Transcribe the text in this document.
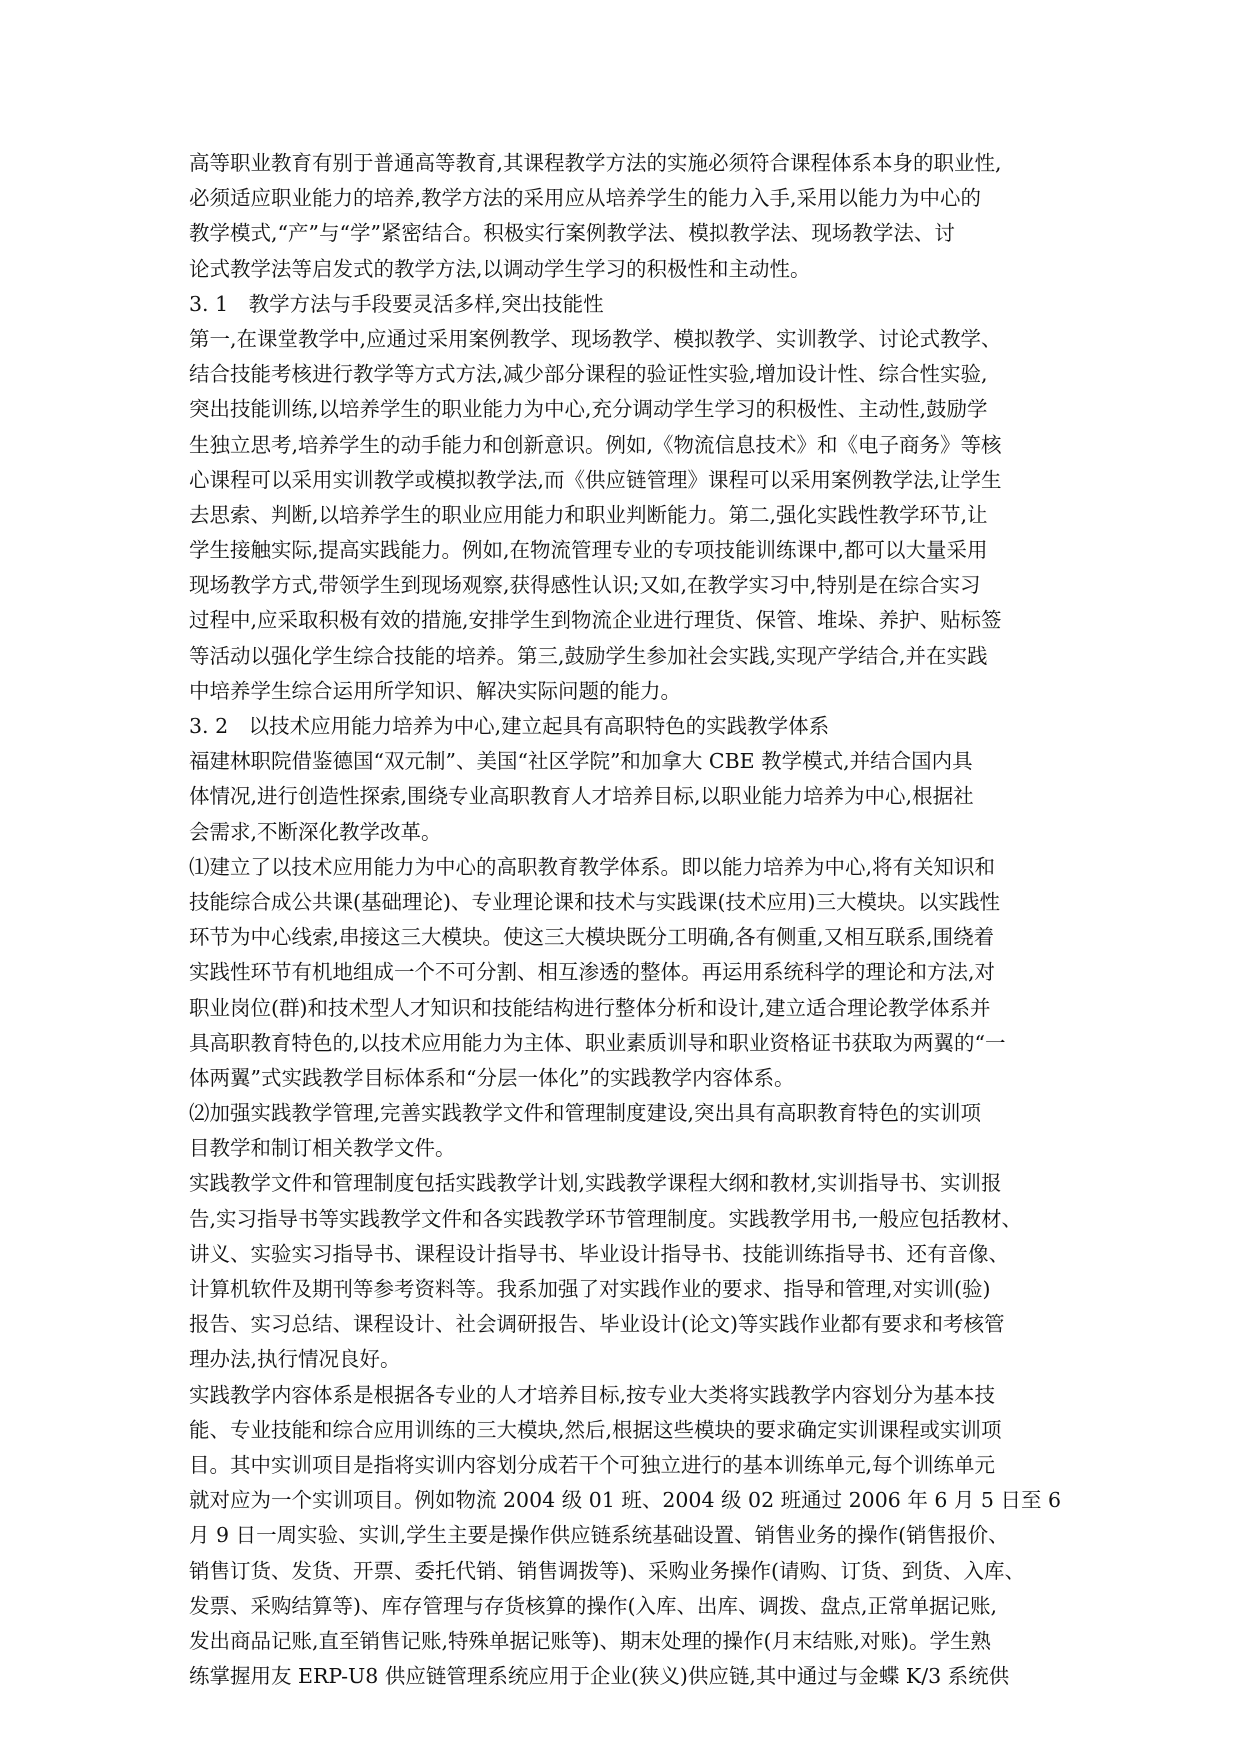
高等职业教育有别于普通高等教育,其课程教学方法的实施必须符合课程体系本身的职业性,
必须适应职业能力的培养,教学方法的采用应从培养学生的能力入手,采用以能力为中心的
教学模式,“产”与“学”紧密结合。积极实行案例教学法、模拟教学法、现场教学法、讨
论式教学法等启发式的教学方法,以调动学生学习的积极性和主动性。
3. 1　教学方法与手段要灵活多样,突出技能性
第一,在课堂教学中,应通过采用案例教学、现场教学、模拟教学、实训教学、讨论式教学、
结合技能考核进行教学等方式方法,减少部分课程的验证性实验,增加设计性、综合性实验,
突出技能训练,以培养学生的职业能力为中心,充分调动学生学习的积极性、主动性,鼓励学
生独立思考,培养学生的动手能力和创新意识。例如,《物流信息技术》和《电子商务》等核
心课程可以采用实训教学或模拟教学法,而《供应链管理》课程可以采用案例教学法,让学生
去思索、判断,以培养学生的职业应用能力和职业判断能力。第二,强化实践性教学环节,让
学生接触实际,提高实践能力。例如,在物流管理专业的专项技能训练课中,都可以大量采用
现场教学方式,带领学生到现场观察,获得感性认识;又如,在教学实习中,特别是在综合实习
过程中,应采取积极有效的措施,安排学生到物流企业进行理货、保管、堆垛、养护、贴标签
等活动以强化学生综合技能的培养。第三,鼓励学生参加社会实践,实现产学结合,并在实践
中培养学生综合运用所学知识、解决实际问题的能力。
3. 2　以技术应用能力培养为中心,建立起具有高职特色的实践教学体系
福建林职院借鉴德国“双元制”、美国“社区学院”和加拿大 CBE 教学模式,并结合国内具
体情况,进行创造性探索,围绕专业高职教育人才培养目标,以职业能力培养为中心,根据社
会需求,不断深化教学改革。
⑴建立了以技术应用能力为中心的高职教育教学体系。即以能力培养为中心,将有关知识和
技能综合成公共课(基础理论)、专业理论课和技术与实践课(技术应用)三大模块。以实践性
环节为中心线索,串接这三大模块。使这三大模块既分工明确,各有侧重,又相互联系,围绕着
实践性环节有机地组成一个不可分割、相互渗透的整体。再运用系统科学的理论和方法,对
职业岗位(群)和技术型人才知识和技能结构进行整体分析和设计,建立适合理论教学体系并
具高职教育特色的,以技术应用能力为主体、职业素质训导和职业资格证书获取为两翼的“一
体两翼”式实践教学目标体系和“分层一体化”的实践教学内容体系。
⑵加强实践教学管理,完善实践教学文件和管理制度建设,突出具有高职教育特色的实训项
目教学和制订相关教学文件。
实践教学文件和管理制度包括实践教学计划,实践教学课程大纲和教材,实训指导书、实训报
告,实习指导书等实践教学文件和各实践教学环节管理制度。实践教学用书,一般应包括教材、
讲义、实验实习指导书、课程设计指导书、毕业设计指导书、技能训练指导书、还有音像、
计算机软件及期刊等参考资料等。我系加强了对实践作业的要求、指导和管理,对实训(验)
报告、实习总结、课程设计、社会调研报告、毕业设计(论文)等实践作业都有要求和考核管
理办法,执行情况良好。
实践教学内容体系是根据各专业的人才培养目标,按专业大类将实践教学内容划分为基本技
能、专业技能和综合应用训练的三大模块,然后,根据这些模块的要求确定实训课程或实训项
目。其中实训项目是指将实训内容划分成若干个可独立进行的基本训练单元,每个训练单元
就对应为一个实训项目。例如物流 2004 级 01 班、2004 级 02 班通过 2006 年 6 月 5 日至 6
月 9 日一周实验、实训,学生主要是操作供应链系统基础设置、销售业务的操作(销售报价、
销售订货、发货、开票、委托代销、销售调拨等)、采购业务操作(请购、订货、到货、入库、
发票、采购结算等)、库存管理与存货核算的操作(入库、出库、调拨、盘点,正常单据记账,
发出商品记账,直至销售记账,特殊单据记账等)、期末处理的操作(月末结账,对账)。学生熟
练掌握用友 ERP-U8 供应链管理系统应用于企业(狭义)供应链,其中通过与金蝶 K/3 系统供
